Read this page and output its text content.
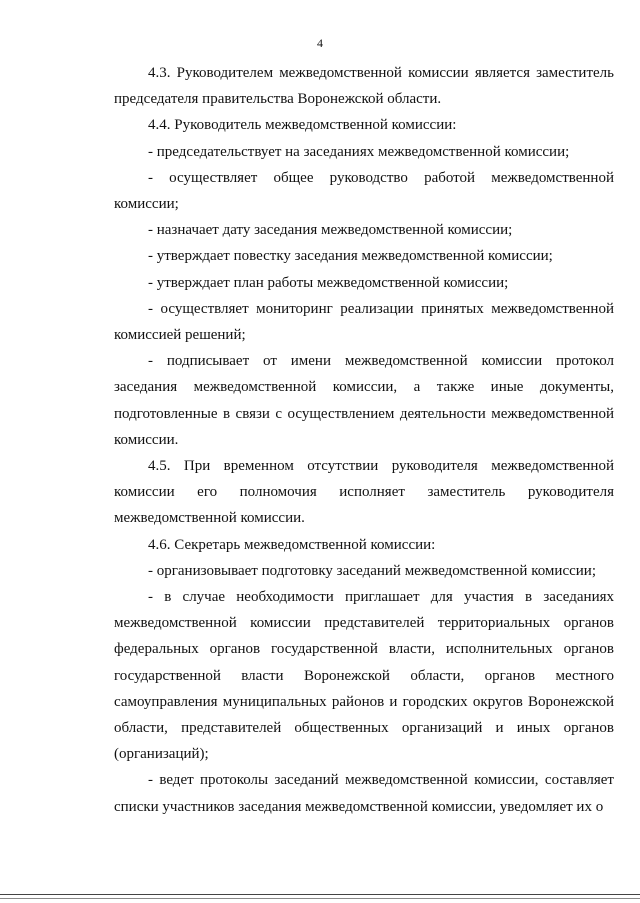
4

4.3. Руководителем межведомственной комиссии является заместитель председателя правительства Воронежской области.

4.4. Руководитель межведомственной комиссии:

- председательствует на заседаниях межведомственной комиссии;

- осуществляет общее руководство работой межведомственной комиссии;

- назначает дату заседания межведомственной комиссии;

- утверждает повестку заседания межведомственной комиссии;

- утверждает план работы межведомственной комиссии;

- осуществляет мониторинг реализации принятых межведомственной комиссией решений;

- подписывает от имени межведомственной комиссии протокол заседания межведомственной комиссии, а также иные документы, подготовленные в связи с осуществлением деятельности межведомственной комиссии.

4.5. При временном отсутствии руководителя межведомственной комиссии его полномочия исполняет заместитель руководителя межведомственной комиссии.

4.6. Секретарь межведомственной комиссии:

- организовывает подготовку заседаний межведомственной комиссии;

- в случае необходимости приглашает для участия в заседаниях межведомственной комиссии представителей территориальных органов федеральных органов государственной власти, исполнительных органов государственной власти Воронежской области, органов местного самоуправления муниципальных районов и городских округов Воронежской области, представителей общественных организаций и иных органов (организаций);

- ведет протоколы заседаний межведомственной комиссии, составляет списки участников заседания межведомственной комиссии, уведомляет их о
